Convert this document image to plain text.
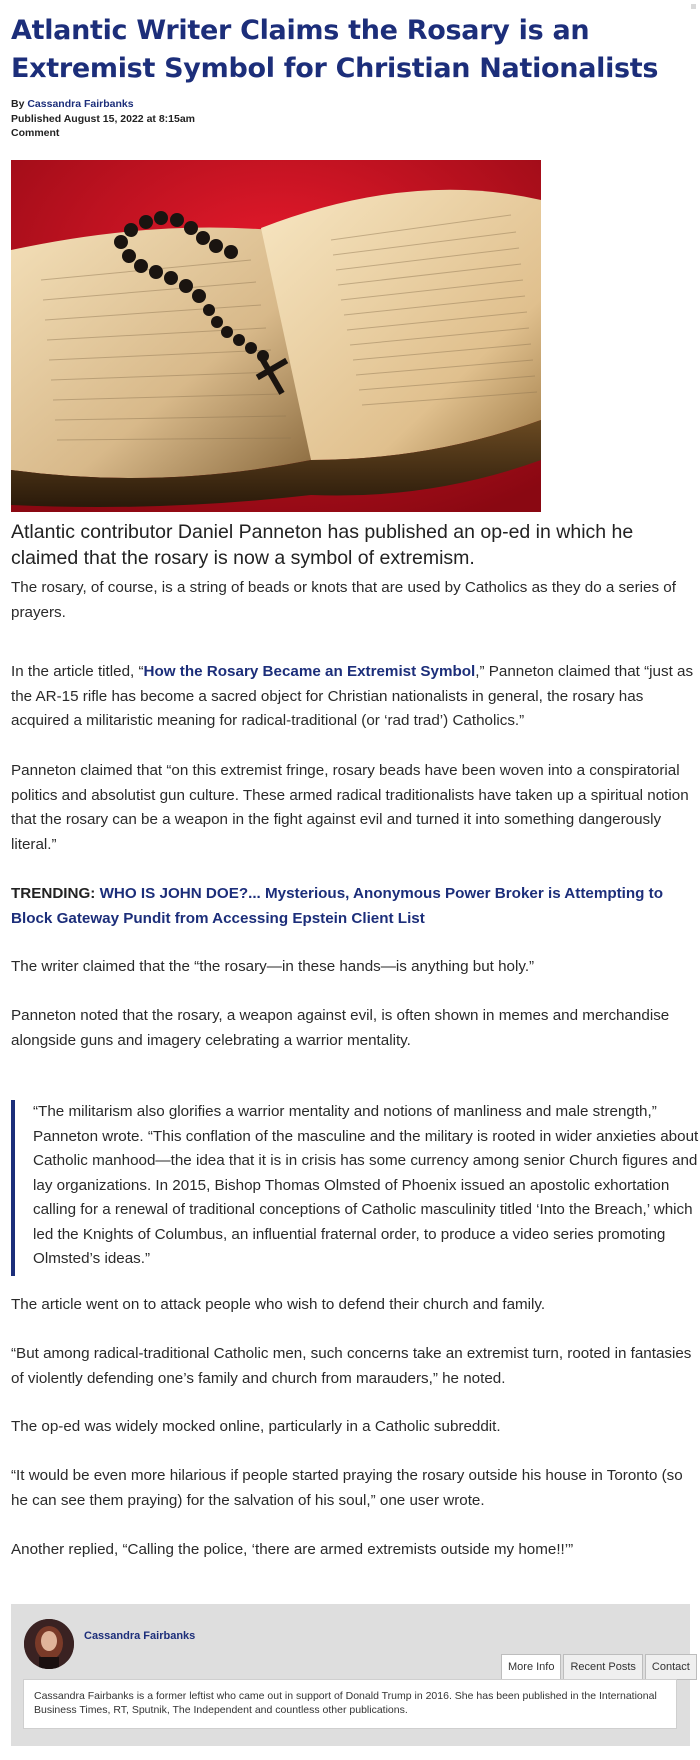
Atlantic Writer Claims the Rosary is an Extremist Symbol for Christian Nationalists
By Cassandra Fairbanks
Published August 15, 2022 at 8:15am
Comment

Atlantic contributor Daniel Panneton has published an op-ed in which he claimed that the rosary is now a symbol of extremism.

The rosary, of course, is a string of beads or knots that are used by Catholics as they do a series of prayers.

In the article titled, “How the Rosary Became an Extremist Symbol,” Panneton claimed that “just as the AR-15 rifle has become a sacred object for Christian nationalists in general, the rosary has acquired a militaristic meaning for radical-traditional (or ‘rad trad’) Catholics.”

Panneton claimed that “on this extremist fringe, rosary beads have been woven into a conspiratorial politics and absolutist gun culture. These armed radical traditionalists have taken up a spiritual notion that the rosary can be a weapon in the fight against evil and turned it into something dangerously literal.”

TRENDING: WHO IS JOHN DOE?... Mysterious, Anonymous Power Broker is Attempting to Block Gateway Pundit from Accessing Epstein Client List

The writer claimed that the “the rosary—in these hands—is anything but holy.”

Panneton noted that the rosary, a weapon against evil, is often shown in memes and merchandise alongside guns and imagery celebrating a warrior mentality.

“The militarism also glorifies a warrior mentality and notions of manliness and male strength,” Panneton wrote. “This conflation of the masculine and the military is rooted in wider anxieties about Catholic manhood—the idea that it is in crisis has some currency among senior Church figures and lay organizations. In 2015, Bishop Thomas Olmsted of Phoenix issued an apostolic exhortation calling for a renewal of traditional conceptions of Catholic masculinity titled ‘Into the Breach,’ which led the Knights of Columbus, an influential fraternal order, to produce a video series promoting Olmsted’s ideas.”

The article went on to attack people who wish to defend their church and family.

“But among radical-traditional Catholic men, such concerns take an extremist turn, rooted in fantasies of violently defending one’s family and church from marauders,” he noted.

The op-ed was widely mocked online, particularly in a Catholic subreddit.

“It would be even more hilarious if people started praying the rosary outside his house in Toronto (so he can see them praying) for the salvation of his soul,” one user wrote.

Another replied, “Calling the police, ‘there are armed extremists outside my home!!’”

Cassandra Fairbanks
More Info	Recent Posts	Contact
Cassandra Fairbanks is a former leftist who came out in support of Donald Trump in 2016. She has been published in the International Business Times, RT, Sputnik, The Independent and countless other publications.
